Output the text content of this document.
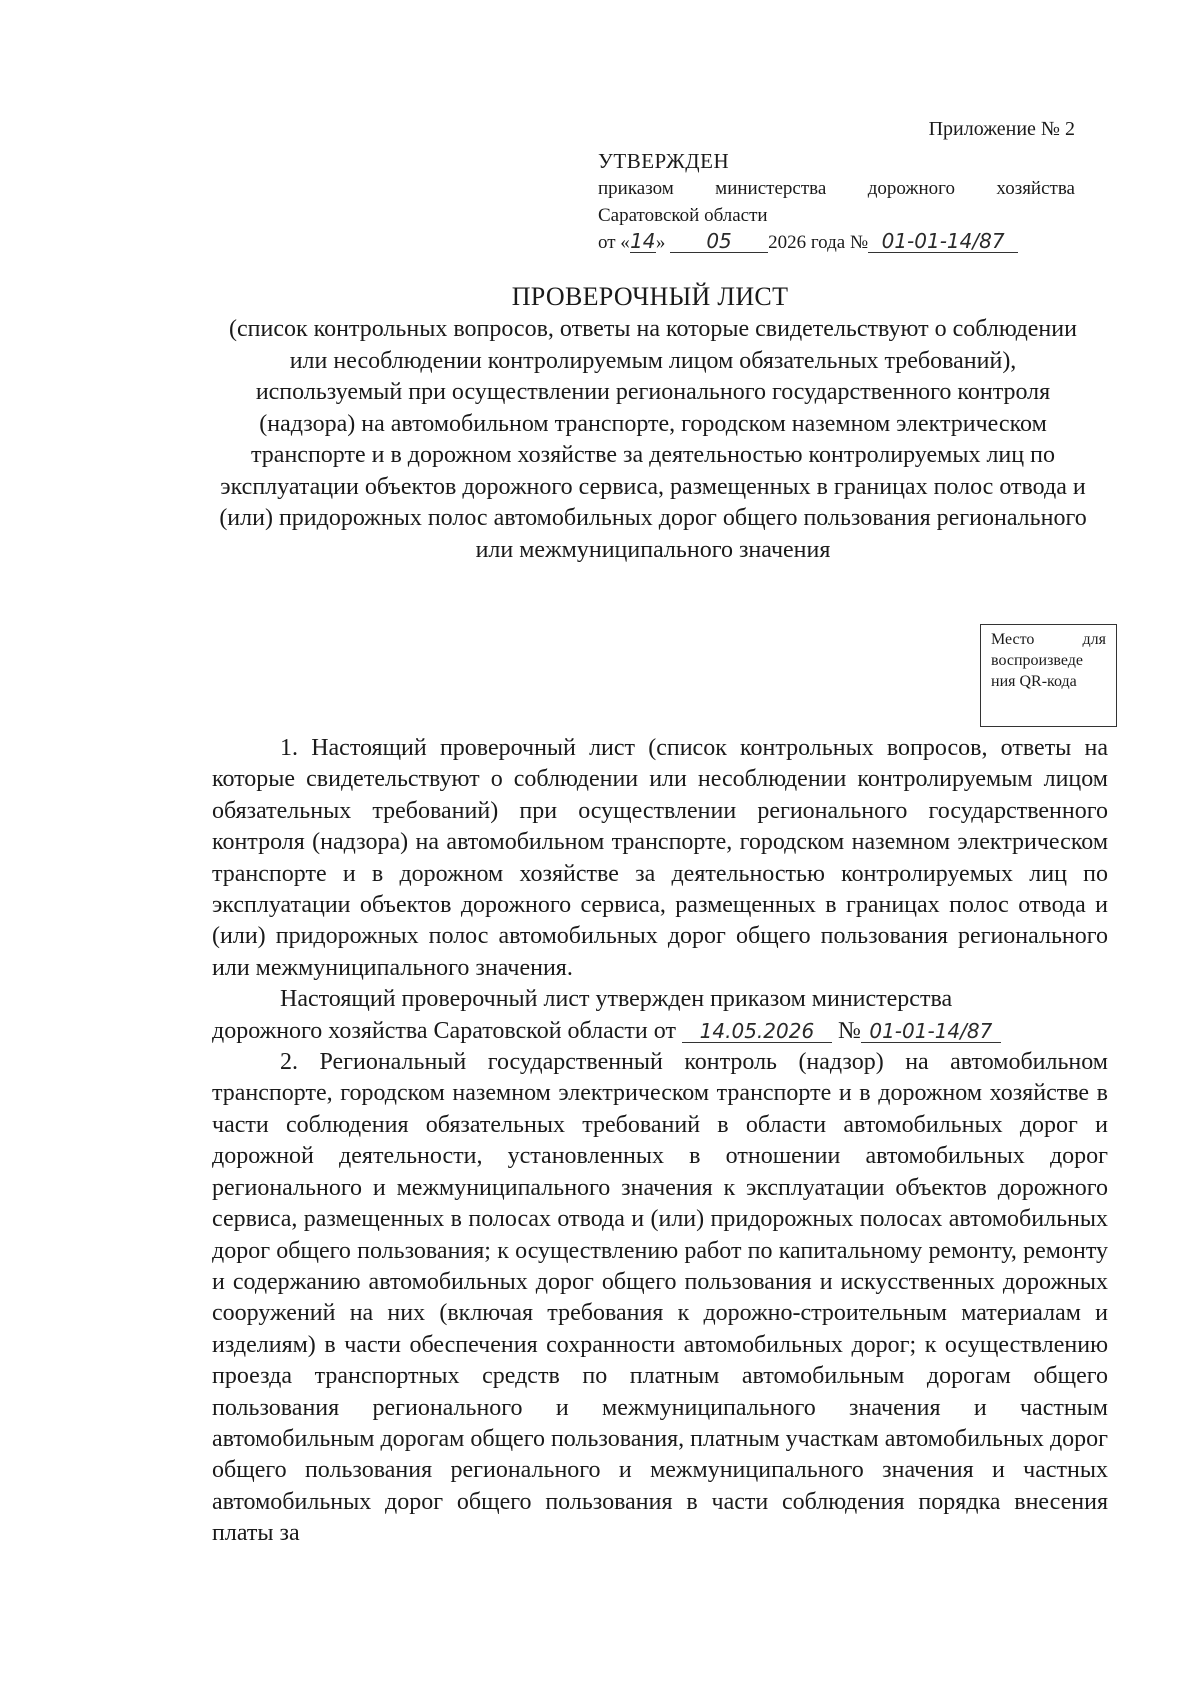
Приложение № 2
УТВЕРЖДЕН
приказом министерства дорожного хозяйства
Саратовской области
от «14» 05 2026 года № 01-01-14/87
ПРОВЕРОЧНЫЙ ЛИСТ
(список контрольных вопросов, ответы на которые свидетельствуют о соблюдении или несоблюдении контролируемым лицом обязательных требований), используемый при осуществлении регионального государственного контроля (надзора) на автомобильном транспорте, городском наземном электрическом транспорте и в дорожном хозяйстве за деятельностью контролируемых лиц по эксплуатации объектов дорожного сервиса, размещенных в границах полос отвода и (или) придорожных полос автомобильных дорог общего пользования регионального или межмуниципального значения
Место для
воспроизведе
ния QR-кода

1. Настоящий проверочный лист (список контрольных вопросов, ответы на которые свидетельствуют о соблюдении или несоблюдении контролируемым лицом обязательных требований) при осуществлении регионального государственного контроля (надзора) на автомобильном транспорте, городском наземном электрическом транспорте и в дорожном хозяйстве за деятельностью контролируемых лиц по эксплуатации объектов дорожного сервиса, размещенных в границах полос отвода и (или) придорожных полос автомобильных дорог общего пользования регионального или межмуниципального значения.

Настоящий проверочный лист утвержден приказом министерства
дорожного хозяйства Саратовской области от 14.05.2026 № 01-01-14/87

2. Региональный государственный контроль (надзор) на автомобильном транспорте, городском наземном электрическом транспорте и в дорожном хозяйстве в части соблюдения обязательных требований в области автомобильных дорог и дорожной деятельности, установленных в отношении автомобильных дорог регионального и межмуниципального значения к эксплуатации объектов дорожного сервиса, размещенных в полосах отвода и (или) придорожных полосах автомобильных дорог общего пользования; к осуществлению работ по капитальному ремонту, ремонту и содержанию автомобильных дорог общего пользования и искусственных дорожных сооружений на них (включая требования к дорожно-строительным материалам и изделиям) в части обеспечения сохранности автомобильных дорог; к осуществлению проезда транспортных средств по платным автомобильным дорогам общего пользования регионального и межмуниципального значения и частным автомобильным дорогам общего пользования, платным участкам автомобильных дорог общего пользования регионального и межмуниципального значения и частных автомобильных дорог общего пользования в части соблюдения порядка внесения платы за
